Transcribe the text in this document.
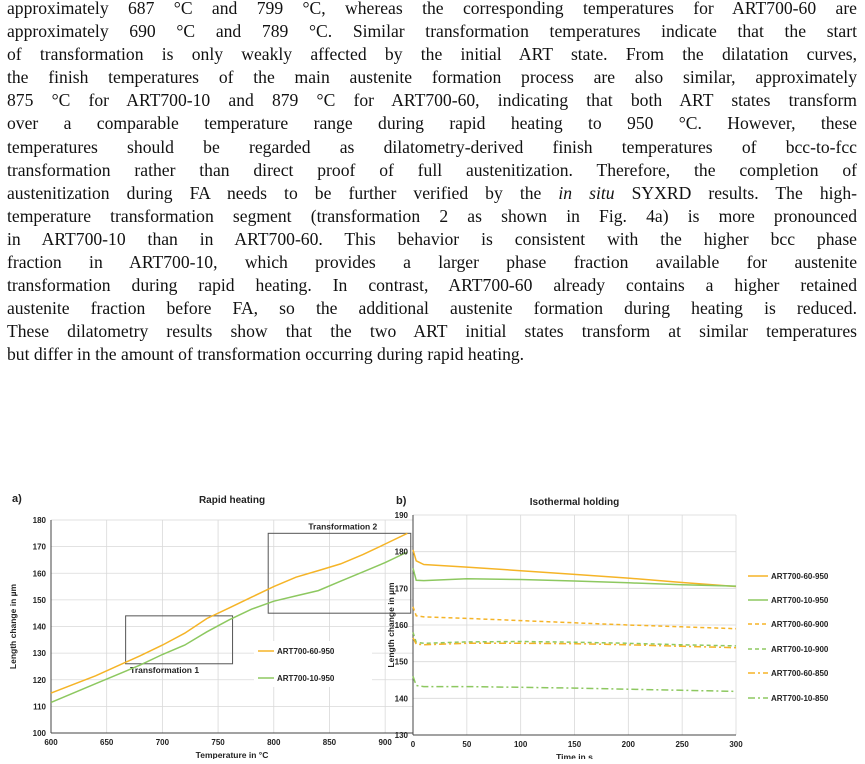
approximately 687 °C and 799 °C, whereas the corresponding temperatures for ART700-60 are
approximately 690 °C and 789 °C. Similar transformation temperatures indicate that the start
of transformation is only weakly affected by the initial ART state. From the dilatation curves,
the finish temperatures of the main austenite formation process are also similar, approximately
875 °C for ART700-10 and 879 °C for ART700-60, indicating that both ART states transform
over a comparable temperature range during rapid heating to 950 °C. However, these
temperatures should be regarded as dilatometry-derived finish temperatures of bcc-to-fcc
transformation rather than direct proof of full austenitization. Therefore, the completion of
austenitization during FA needs to be further verified by the in situ SYXRD results. The high-
temperature transformation segment (transformation 2 as shown in Fig. 4a) is more pronounced
in ART700-10 than in ART700-60. This behavior is consistent with the higher bcc phase
fraction in ART700-10, which provides a larger phase fraction available for austenite
transformation during rapid heating. In contrast, ART700-60 already contains a higher retained
austenite fraction before FA, so the additional austenite formation during heating is reduced.
These dilatometry results show that the two ART initial states transform at similar temperatures
but differ in the amount of transformation occurring during rapid heating.
100
110
120
130
140
150
160
170
180
600	650	700	750	800	850	900
Rapid heating
a)
Temperature in °C
Length change in µm
Transformation 1
Transformation 2
ART700-60-950
ART700-10-950
130
140
150
160
170
180
190
0	50	100	150	200	250	300
Isothermal holding
b)
Time in s
Length change in µm
ART700-60-950
ART700-10-950
ART700-60-900
ART700-10-900
ART700-60-850
ART700-10-850
